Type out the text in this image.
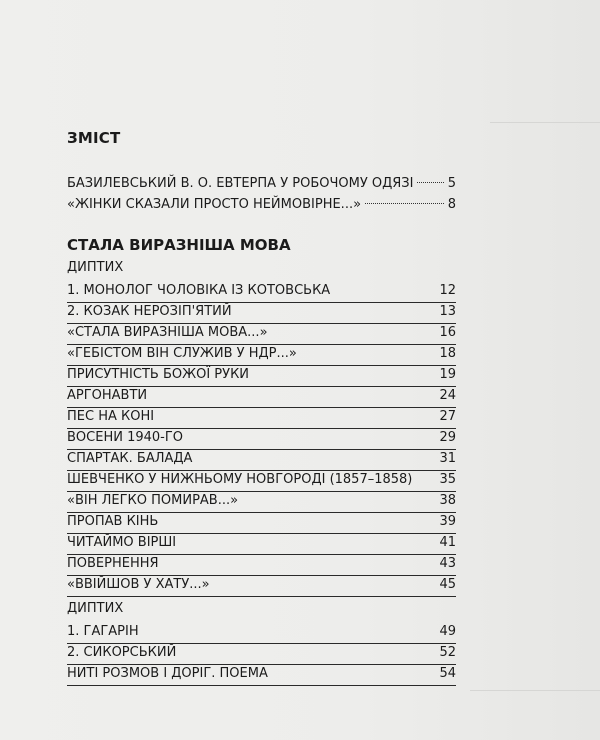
ЗМІСТ
БАЗИЛЕВСЬКИЙ В. О. ЕВТЕРПА У РОБОЧОМУ ОДЯЗІ	5
«ЖІНКИ СКАЗАЛИ ПРОСТО НЕЙМОВІРНЕ...»	8
СТАЛА ВИРАЗНІША МОВА
ДИПТИХ
1. МОНОЛОГ ЧОЛОВІКА ІЗ КОТОВСЬКА	12
2. КОЗАК НЕРОЗІП'ЯТИЙ	13
«СТАЛА ВИРАЗНІША МОВА...»	16
«ГЕБІСТОМ ВІН СЛУЖИВ У НДР...»	18
ПРИСУТНІСТЬ БОЖОЇ РУКИ	19
АРГОНАВТИ	24
ПЕС НА КОНІ	27
ВОСЕНИ 1940-ГО	29
СПАРТАК. БАЛАДА	31
ШЕВЧЕНКО У НИЖНЬОМУ НОВГОРОДІ (1857–1858) 35
«ВІН ЛЕГКО ПОМИРАВ...»	38
ПРОПАВ КІНЬ	39
ЧИТАЙМО ВІРШІ	41
ПОВЕРНЕННЯ	43
«ВВІЙШОВ У ХАТУ...»	45
ДИПТИХ
1. ГАГАРІН	49
2. СИКОРСЬКИЙ	52
НИТІ РОЗМОВ І ДОРІГ. ПОЕМА	54
